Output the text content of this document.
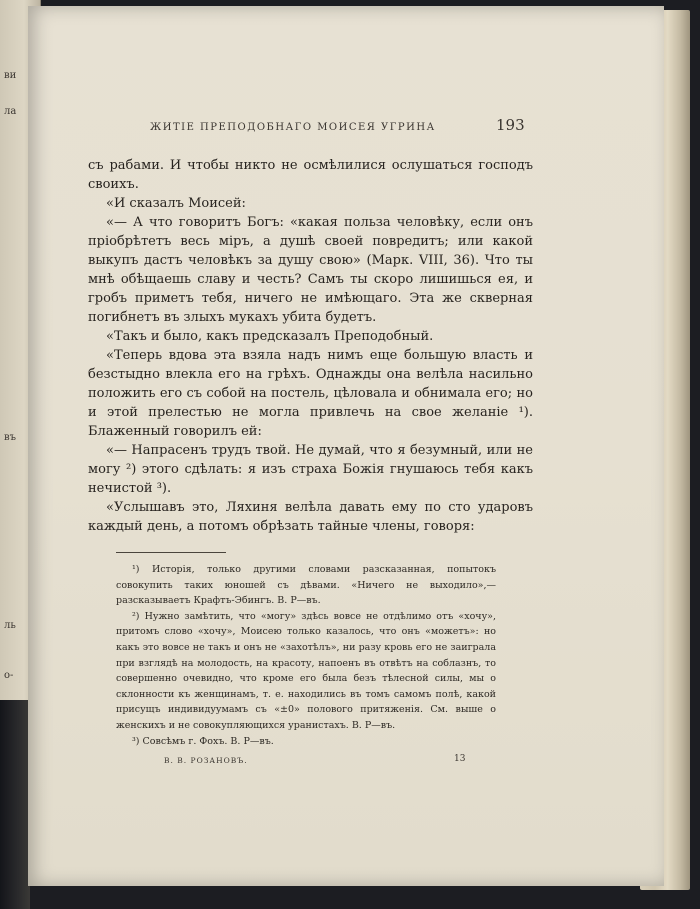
ви
ла
въ
ль
о-
ЖИТІЕ ПРЕПОДОБНАГО МОИСЕЯ УГРИНА	193

съ рабами. И чтобы никто не осмѣлилися ослушаться господъ своихъ.

«И сказалъ Моисей:

«— А что говоритъ Богъ: «какая польза человѣку, если онъ пріобрѣтетъ весь міръ, а душѣ своей повредитъ; или какой выкупъ дастъ человѣкъ за душу свою» (Марк. VIII, 36). Что ты мнѣ обѣщаешь славу и честь? Самъ ты скоро лишишься ея, и гробъ приметъ тебя, ничего не имѣющаго. Эта же скверная погибнетъ въ злыхъ мукахъ убита будетъ.

«Такъ и было, какъ предсказалъ Преподобный.

«Теперь вдова эта взяла надъ нимъ еще большую власть и безстыдно влекла его на грѣхъ. Однажды она велѣла насильно положить его съ собой на постель, цѣловала и обнимала его; но и этой прелестью не могла привлечь на свое желаніе ¹). Блаженный говорилъ ей:

«— Напрасенъ трудъ твой. Не думай, что я безумный, или не могу ²) этого сдѣлать: я изъ страха Божія гнушаюсь тебя какъ нечистой ³).

«Услышавъ это, Ляхиня велѣла давать ему по сто ударовъ каждый день, а потомъ обрѣзать тайные члены, говоря:

¹) Исторія, только другими словами разсказанная, попытокъ совокупить таких юношей съ дѣвами. «Ничего не выходило»,— разсказываетъ Крафтъ-Эбингъ. В. Р—въ.

²) Нужно замѣтить, что «могу» здѣсь вовсе не отдѣлимо отъ «хочу», притомъ слово «хочу», Моисею только казалось, что онъ «можетъ»: но какъ это вовсе не такъ и онъ не «захотѣлъ», ни разу кровь его не заиграла при взглядѣ на молодость, на красоту, напоенъ въ отвѣтъ на соблазнъ, то совершенно очевидно, что кроме его была безъ тѣлесной силы, мы о склонности къ женщинамъ, т. е. находились въ томъ самомъ полѣ, какой присущъ индивидуумамъ съ «±0» полового притяженія. См. выше о женскихъ и не совокупляющихся уранистахъ. В. Р—въ.

³) Совсѣмъ г. Фохъ. В. Р—въ.

В. В. РОЗАНОВЪ.	13
